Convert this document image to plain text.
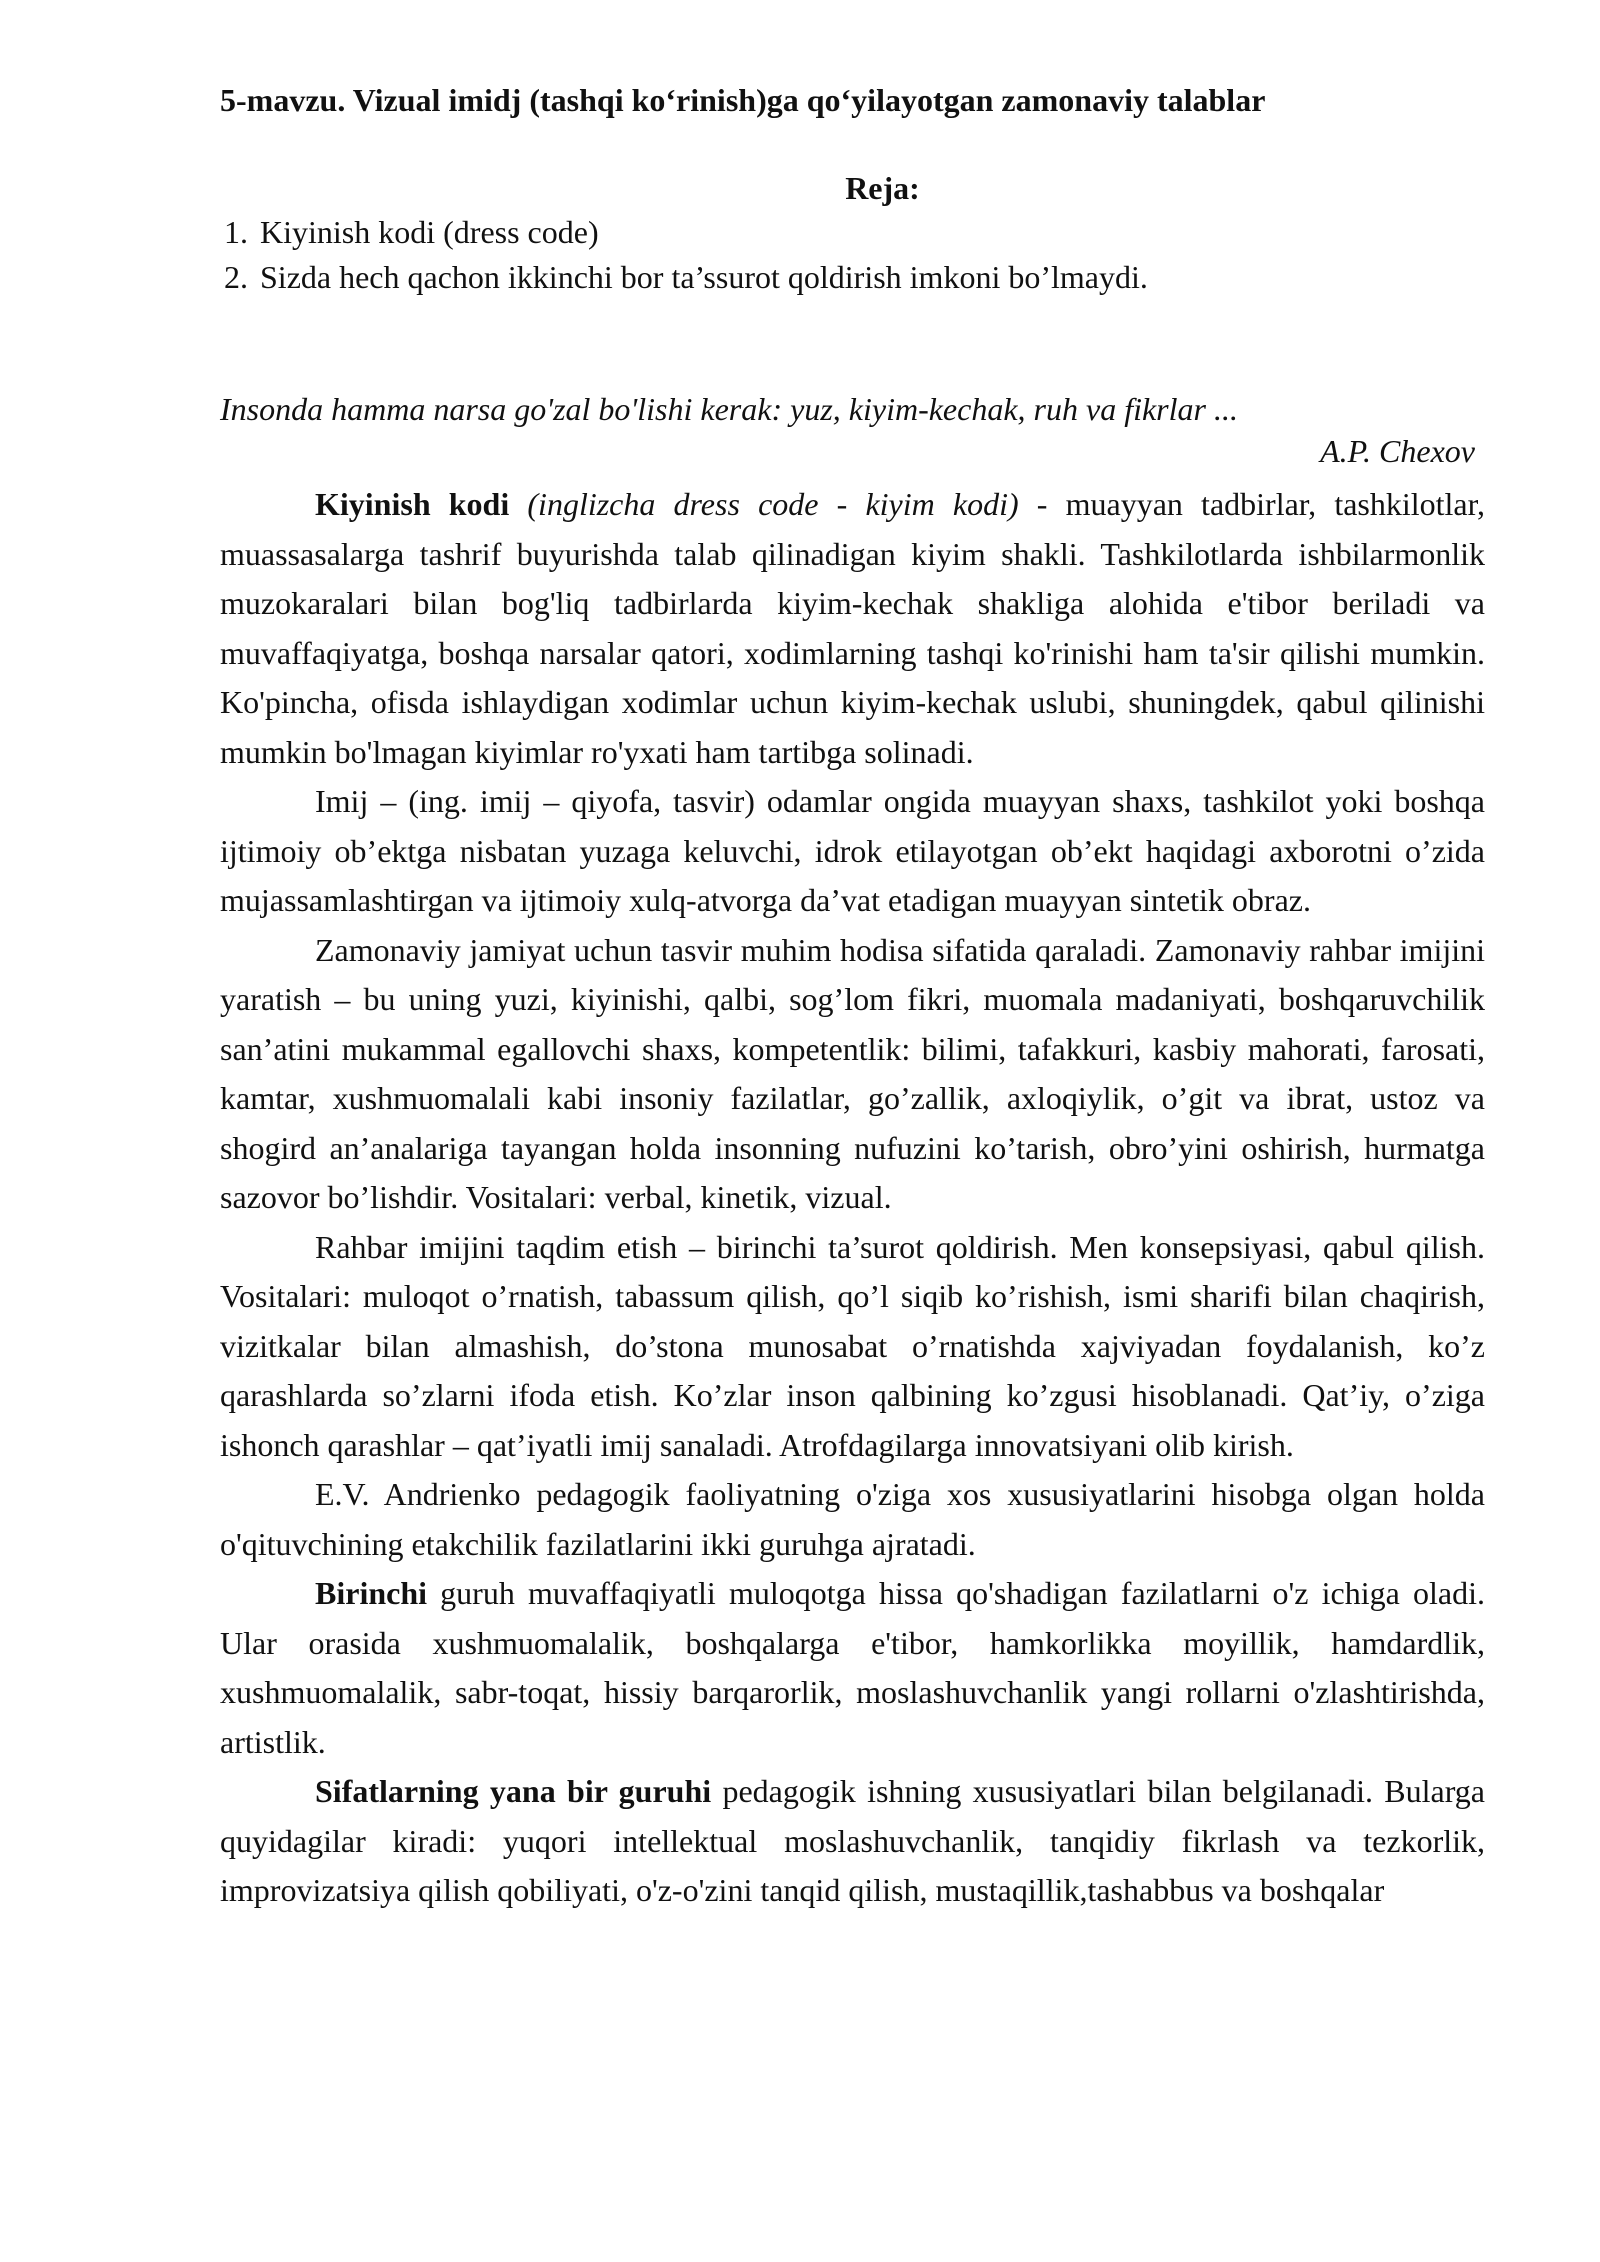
5-mavzu. Vizual imidj (tashqi ko‘rinish)ga qo‘yilayotgan zamonaviy talablar
Reja:
1. Kiyinish kodi (dress code)
2. Sizda hech qachon ikkinchi bor ta’ssurot qoldirish imkoni bo’lmaydi.
Insonda hamma narsa go'zal bo'lishi kerak: yuz, kiyim-kechak, ruh va fikrlar ...
A.P. Chexov

Kiyinish kodi (inglizcha dress code - kiyim kodi) - muayyan tadbirlar, tashkilotlar, muassasalarga tashrif buyurishda talab qilinadigan kiyim shakli. Tashkilotlarda ishbilarmonlik muzokaralari bilan bog'liq tadbirlarda kiyim-kechak shakliga alohida e'tibor beriladi va muvaffaqiyatga, boshqa narsalar qatori, xodimlarning tashqi ko'rinishi ham ta'sir qilishi mumkin. Ko'pincha, ofisda ishlaydigan xodimlar uchun kiyim-kechak uslubi, shuningdek, qabul qilinishi mumkin bo'lmagan kiyimlar ro'yxati ham tartibga solinadi.

Imij – (ing. imij – qiyofa, tasvir) odamlar ongida muayyan shaxs, tashkilot yoki boshqa ijtimoiy ob’ektga nisbatan yuzaga keluvchi, idrok etilayotgan ob’ekt haqidagi axborotni o’zida mujassamlashtirgan va ijtimoiy xulq-atvorga da’vat etadigan muayyan sintetik obraz.

Zamonaviy jamiyat uchun tasvir muhim hodisa sifatida qaraladi. Zamonaviy rahbar imijini yaratish – bu uning yuzi, kiyinishi, qalbi, sog’lom fikri, muomala madaniyati, boshqaruvchilik san’atini mukammal egallovchi shaxs, kompetentlik: bilimi, tafakkuri, kasbiy mahorati, farosati, kamtar, xushmuomalali kabi insoniy fazilatlar, go’zallik, axloqiylik, o’git va ibrat, ustoz va shogird an’analariga tayangan holda insonning nufuzini ko’tarish, obro’yini oshirish, hurmatga sazovor bo’lishdir. Vositalari: verbal, kinetik, vizual.

Rahbar imijini taqdim etish – birinchi ta’surot qoldirish. Men konsepsiyasi, qabul qilish. Vositalari: muloqot o’rnatish, tabassum qilish, qo’l siqib ko’rishish, ismi sharifi bilan chaqirish, vizitkalar bilan almashish, do’stona munosabat o’rnatishda xajviyadan foydalanish, ko’z qarashlarda so’zlarni ifoda etish. Ko’zlar inson qalbining ko’zgusi hisoblanadi. Qat’iy, o’ziga ishonch qarashlar – qat’iyatli imij sanaladi. Atrofdagilarga innovatsiyani olib kirish.

E.V. Andrienko pedagogik faoliyatning o'ziga xos xususiyatlarini hisobga olgan holda o'qituvchining etakchilik fazilatlarini ikki guruhga ajratadi.

Birinchi guruh muvaffaqiyatli muloqotga hissa qo'shadigan fazilatlarni o'z ichiga oladi. Ular orasida xushmuomalalik, boshqalarga e'tibor, hamkorlikka moyillik, hamdardlik, xushmuomalalik, sabr-toqat, hissiy barqarorlik, moslashuvchanlik yangi rollarni o'zlashtirishda, artistlik.

Sifatlarning yana bir guruhi pedagogik ishning xususiyatlari bilan belgilanadi. Bularga quyidagilar kiradi: yuqori intellektual moslashuvchanlik, tanqidiy fikrlash va tezkorlik, improvizatsiya qilish qobiliyati, o'z-o'zini tanqid qilish, mustaqillik,tashabbus va boshqalar
